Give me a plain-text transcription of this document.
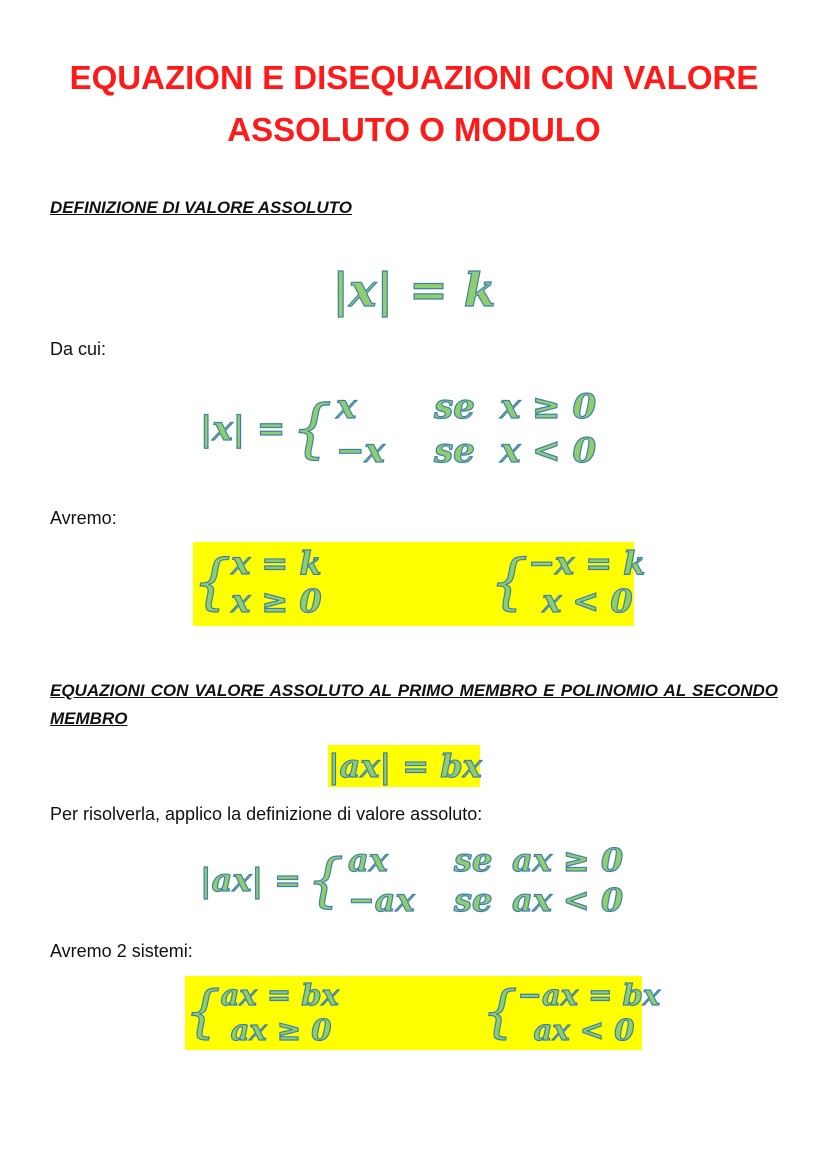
EQUAZIONI E DISEQUAZIONI CON VALORE
ASSOLUTO O MODULO
DEFINIZIONE DI VALORE ASSOLUTO
|x| = k
Da cui:
|x| = { x	se x ≥ 0
−x	se x < 0
Avremo:
{ x = k
x ≥ 0	{ −x = k
x < 0
EQUAZIONI CON VALORE ASSOLUTO AL PRIMO MEMBRO E POLINOMIO AL SECONDO MEMBRO
|ax| = bx
Per risolverla, applico la definizione di valore assoluto:
|ax| = { ax	se ax ≥ 0
−ax	se ax < 0
Avremo 2 sistemi:
{ ax = bx
ax ≥ 0	{ −ax = bx
ax < 0
